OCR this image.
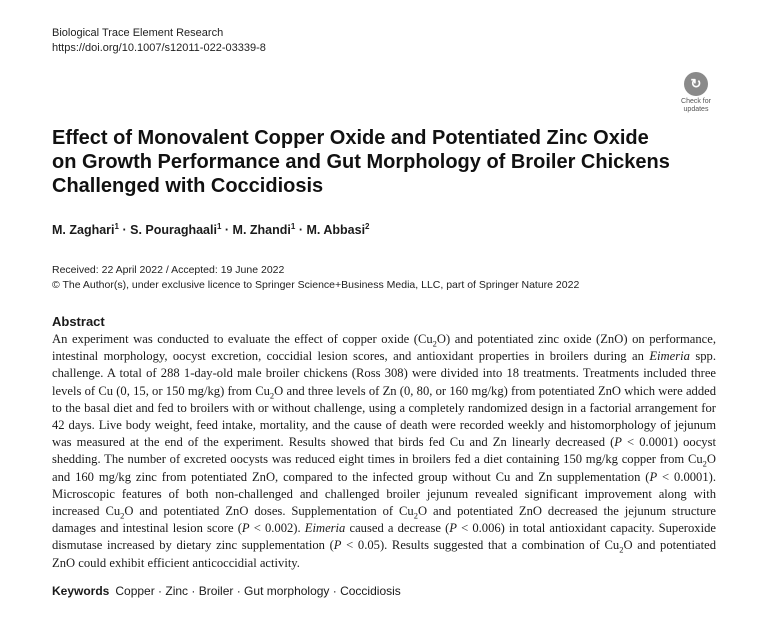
Biological Trace Element Research
https://doi.org/10.1007/s12011-022-03339-8
↻
Check for
updates
Effect of Monovalent Copper Oxide and Potentiated Zinc Oxide
on Growth Performance and Gut Morphology of Broiler Chickens
Challenged with Coccidiosis
M. Zaghari$^1$ · S. Pouraghaali$^1$ · M. Zhandi$^1$ · M. Abbasi$^2$
Received: 22 April 2022 / Accepted: 19 June 2022
© The Author(s), under exclusive licence to Springer Science+Business Media, LLC, part of Springer Nature 2022
Abstract
An experiment was conducted to evaluate the effect of copper oxide $(Cu_2O)$ and potentiated zinc oxide (ZnO) on performance, intestinal morphology, oocyst excretion, coccidial lesion scores, and antioxidant properties in broilers during an Eimeria spp. challenge. A total of 288 1-day-old male broiler chickens (Ross 308) were divided into 18 treatments. Treatments included three levels of Cu (0, 15, or 150 mg/kg) from $Cu_2O$ and three levels of Zn (0, 80, or 160 mg/kg) from potentiated ZnO which were added to the basal diet and fed to broilers with or without challenge, using a completely randomized design in a factorial arrangement for 42 days. Live body weight, feed intake, mortality, and the cause of death were recorded weekly and histomorphology of jejunum was measured at the end of the experiment. Results showed that birds fed Cu and Zn linearly decreased (P < 0.0001) oocyst shedding. The number of excreted oocysts was reduced eight times in broilers fed a diet containing 150 mg/kg copper from $Cu_2O$ and 160 mg/kg zinc from potentiated ZnO, compared to the infected group without Cu and Zn supplementation (P < 0.0001). Microscopic features of both non-challenged and challenged broiler jejunum revealed significant improvement along with increased $Cu_2O$ and potentiated ZnO doses. Supplementation of $Cu_2O$ and potentiated ZnO decreased the jejunum structure damages and intestinal lesion score (P < 0.002). Eimeria caused a decrease (P < 0.006) in total antioxidant capacity. Superoxide dismutase increased by dietary zinc supplementation (P < 0.05). Results suggested that a combination of $Cu_2O$ and potentiated ZnO could exhibit efficient anticoccidial activity.
Keywords Copper · Zinc · Broiler · Gut morphology · Coccidiosis
